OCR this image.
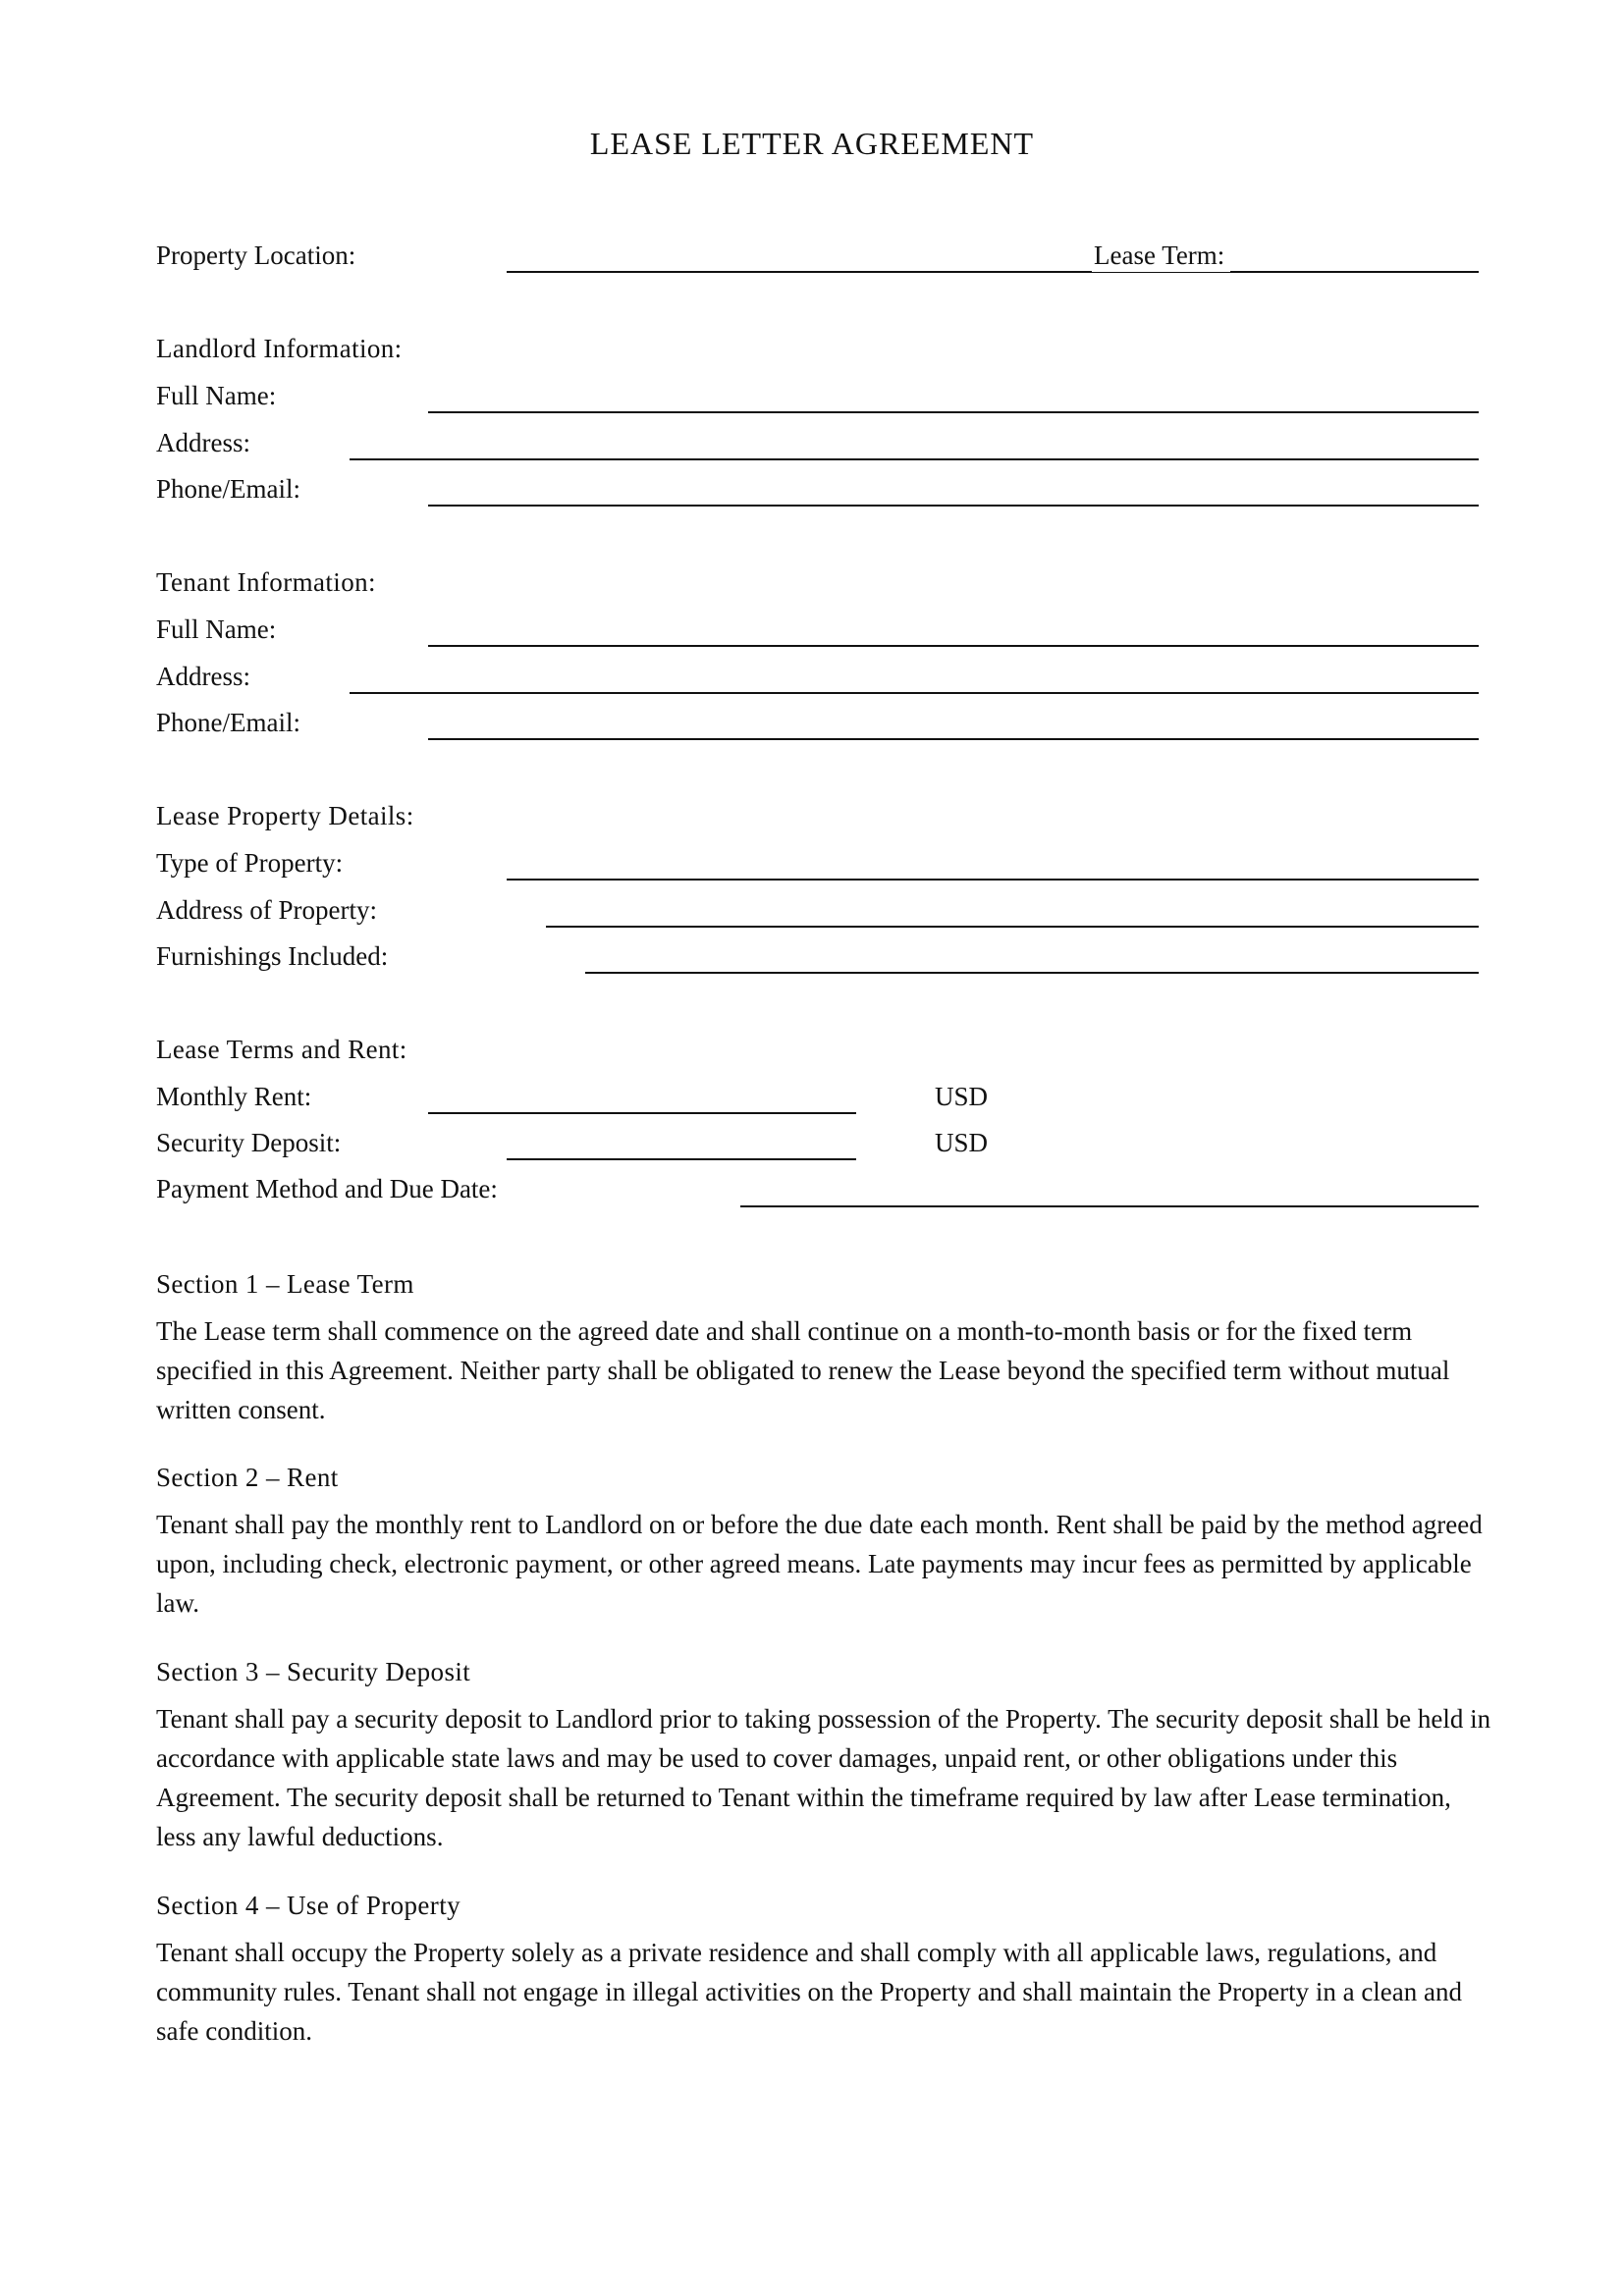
LEASE LETTER AGREEMENT
Property Location:	Lease Term:
Landlord Information:
Full Name:
Address:
Phone/Email:
Tenant Information:
Full Name:
Address:
Phone/Email:
Lease Property Details:
Type of Property:
Address of Property:
Furnishings Included:
Lease Terms and Rent:
Monthly Rent:	USD
Security Deposit:	USD
Payment Method and Due Date:
Section 1 – Lease Term

The Lease term shall commence on the agreed date and shall continue on a month-to-month basis or for the fixed term specified in this Agreement. Neither party shall be obligated to renew the Lease beyond the specified term without mutual written consent.

Section 2 – Rent

Tenant shall pay the monthly rent to Landlord on or before the due date each month. Rent shall be paid by the method agreed upon, including check, electronic payment, or other agreed means. Late payments may incur fees as permitted by applicable law.

Section 3 – Security Deposit

Tenant shall pay a security deposit to Landlord prior to taking possession of the Property. The security deposit shall be held in accordance with applicable state laws and may be used to cover damages, unpaid rent, or other obligations under this Agreement. The security deposit shall be returned to Tenant within the timeframe required by law after Lease termination, less any lawful deductions.

Section 4 – Use of Property

Tenant shall occupy the Property solely as a private residence and shall comply with all applicable laws, regulations, and community rules. Tenant shall not engage in illegal activities on the Property and shall maintain the Property in a clean and safe condition.
